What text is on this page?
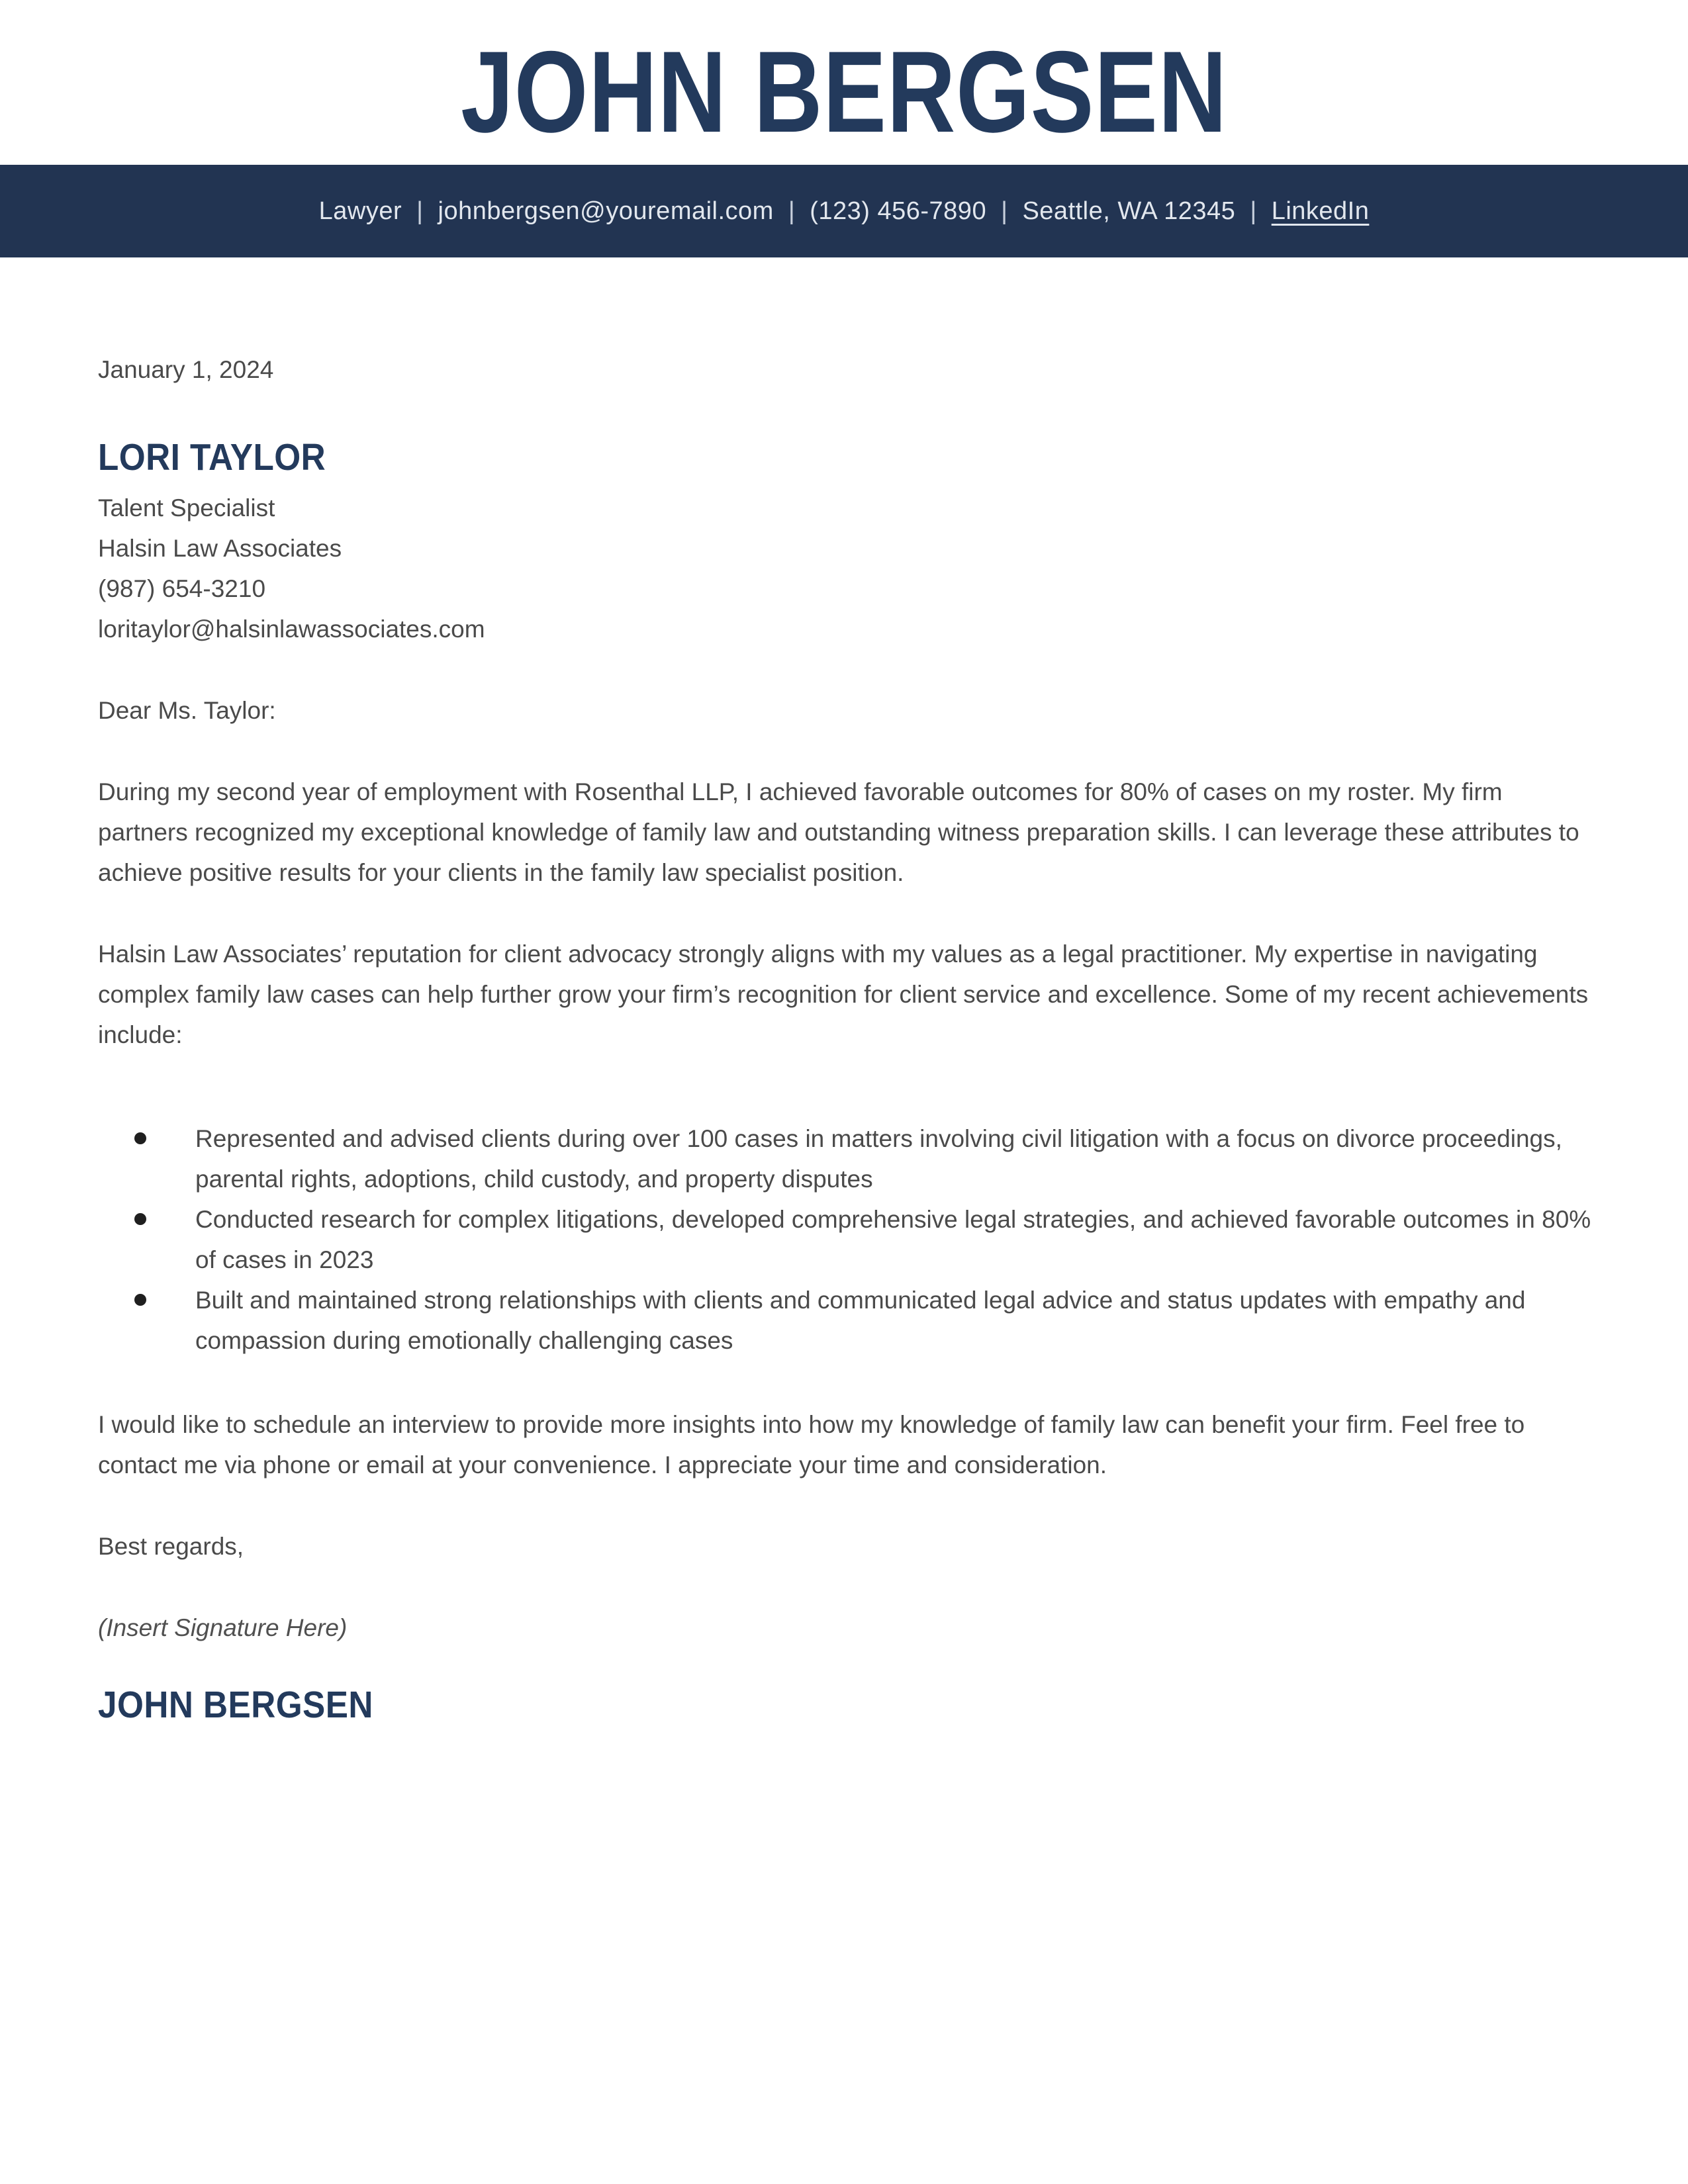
JOHN BERGSEN
Lawyer | johnbergsen@youremail.com | (123) 456-7890 | Seattle, WA 12345 | LinkedIn

January 1, 2024

LORI TAYLOR

Talent Specialist

Halsin Law Associates

(987) 654-3210

loritaylor@halsinlawassociates.com

Dear Ms. Taylor:

During my second year of employment with Rosenthal LLP, I achieved favorable outcomes for 80% of cases on my roster. My firm partners recognized my exceptional knowledge of family law and outstanding witness preparation skills. I can leverage these attributes to achieve positive results for your clients in the family law specialist position.

Halsin Law Associates’ reputation for client advocacy strongly aligns with my values as a legal practitioner. My expertise in navigating complex family law cases can help further grow your firm’s recognition for client service and excellence. Some of my recent achievements include:

Represented and advised clients during over 100 cases in matters involving civil litigation with a focus on divorce proceedings, parental rights, adoptions, child custody, and property disputes
Conducted research for complex litigations, developed comprehensive legal strategies, and achieved favorable outcomes in 80% of cases in 2023
Built and maintained strong relationships with clients and communicated legal advice and status updates with empathy and compassion during emotionally challenging cases

I would like to schedule an interview to provide more insights into how my knowledge of family law can benefit your firm. Feel free to contact me via phone or email at your convenience. I appreciate your time and consideration.

Best regards,

(Insert Signature Here)

JOHN BERGSEN
